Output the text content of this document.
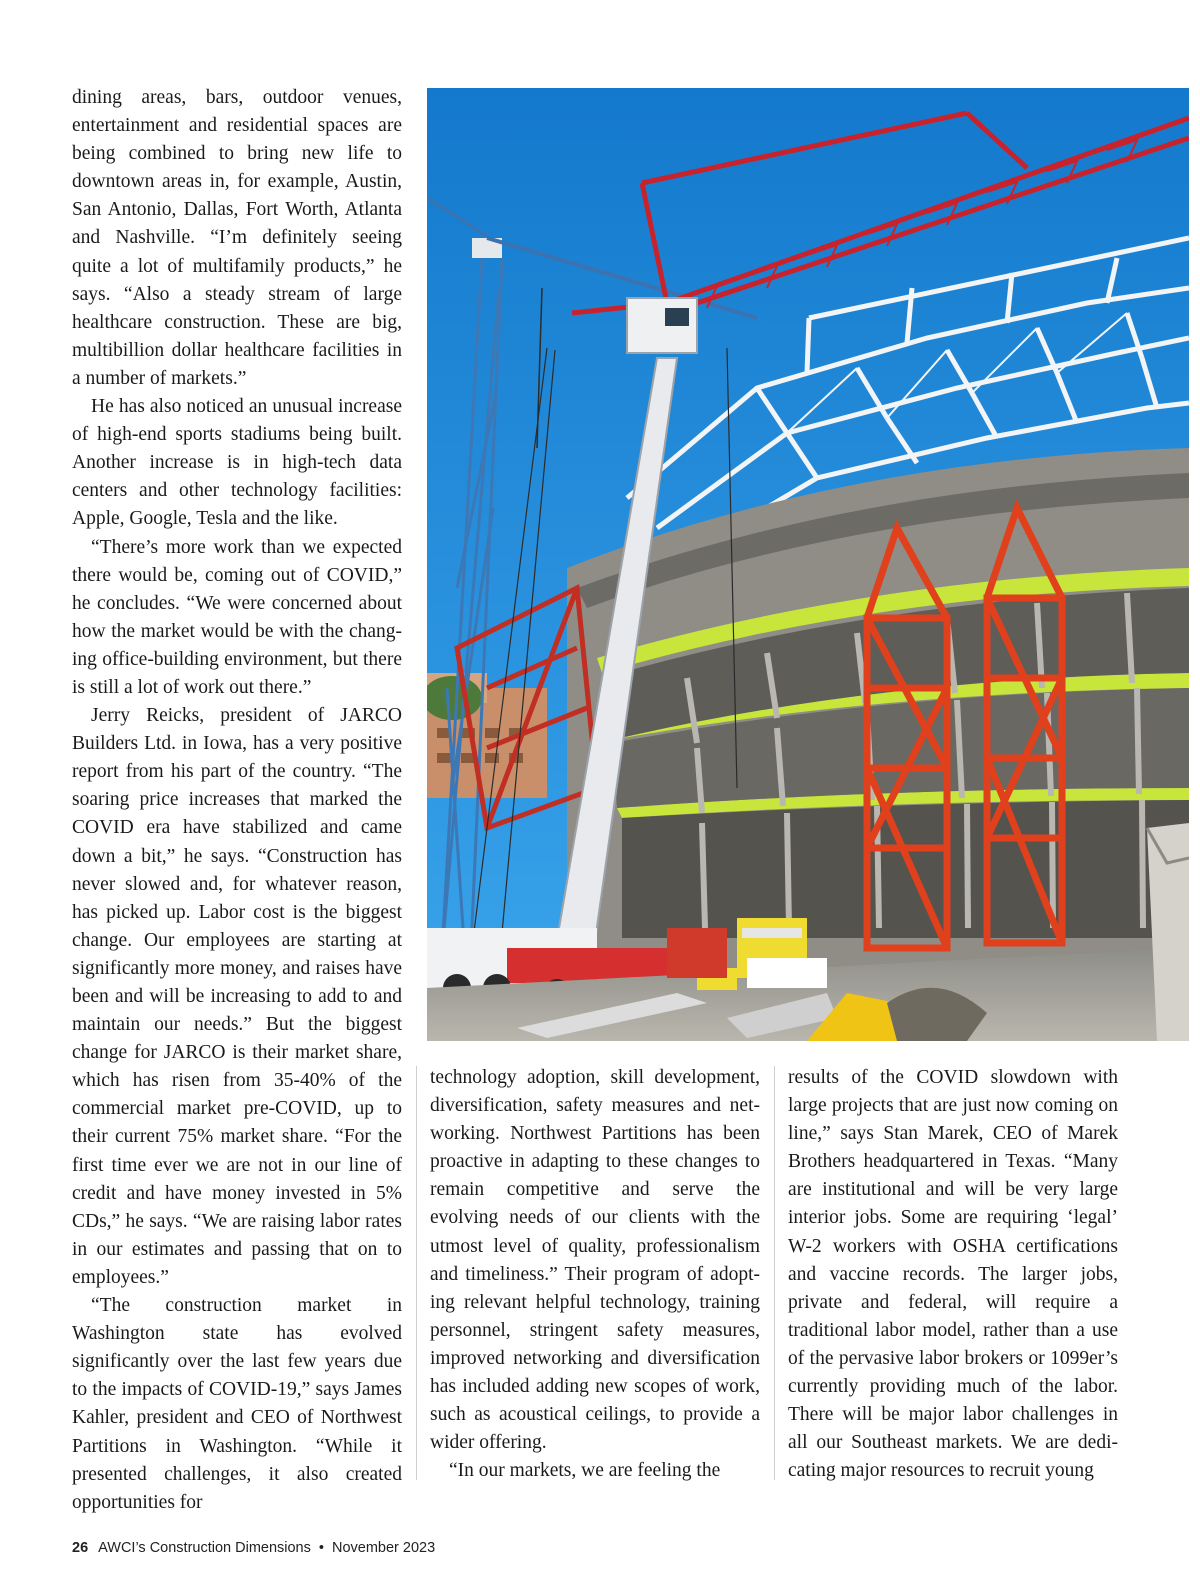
dining areas, bars, outdoor venues, entertainment and residential spaces are being combined to bring new life to downtown areas in, for example, Austin, San Antonio, Dallas, Fort Worth, Atlanta and Nashville. “I’m definitely seeing quite a lot of multifamily products,” he says. “Also a steady stream of large healthcare construction. These are big, multibillion dollar healthcare facilities in a number of markets.”

He has also noticed an unusual increase of high-end sports stadiums being built. Another increase is in high-tech data centers and other technology facilities: Apple, Google, Tesla and the like.

“There’s more work than we expected there would be, coming out of COVID,” he concludes. “We were concerned about how the market would be with the changing office-building environment, but there is still a lot of work out there.”

Jerry Reicks, president of JARCO Builders Ltd. in Iowa, has a very positive report from his part of the country. “The soaring price increases that marked the COVID era have stabilized and came down a bit,” he says. “Construction has never slowed and, for whatever reason, has picked up. Labor cost is the biggest change. Our employees are starting at significantly more money, and raises have been and will be increasing to add to and maintain our needs.” But the biggest change for JARCO is their market share, which has risen from 35-40% of the commercial market pre-COVID, up to their current 75% market share. “For the first time ever we are not in our line of credit and have money invested in 5% CDs,” he says. “We are raising labor rates in our estimates and passing that on to employees.”

“The construction market in Washington state has evolved significantly over the last few years due to the impacts of COVID-19,” says James Kahler, president and CEO of Northwest Partitions in Washington. “While it presented challenges, it also created opportunities for

technology adoption, skill development, diversification, safety measures and networking. Northwest Partitions has been proactive in adapting to these changes to remain competitive and serve the evolving needs of our clients with the utmost level of quality, professionalism and timeliness.” Their program of adopting relevant helpful technology, training personnel, stringent safety measures, improved networking and diversification has included adding new scopes of work, such as acoustical ceilings, to provide a wider offering.

“In our markets, we are feeling the

results of the COVID slowdown with large projects that are just now coming on line,” says Stan Marek, CEO of Marek Brothers headquartered in Texas. “Many are institutional and will be very large interior jobs. Some are requiring ‘legal’ W-2 workers with OSHA certifications and vaccine records. The larger jobs, private and federal, will require a traditional labor model, rather than a use of the pervasive labor brokers or 1099er’s currently providing much of the labor. There will be major labor challenges in all our Southeast markets. We are dedicating major resources to recruit young

26 AWCI’s Construction Dimensions • November 2023
